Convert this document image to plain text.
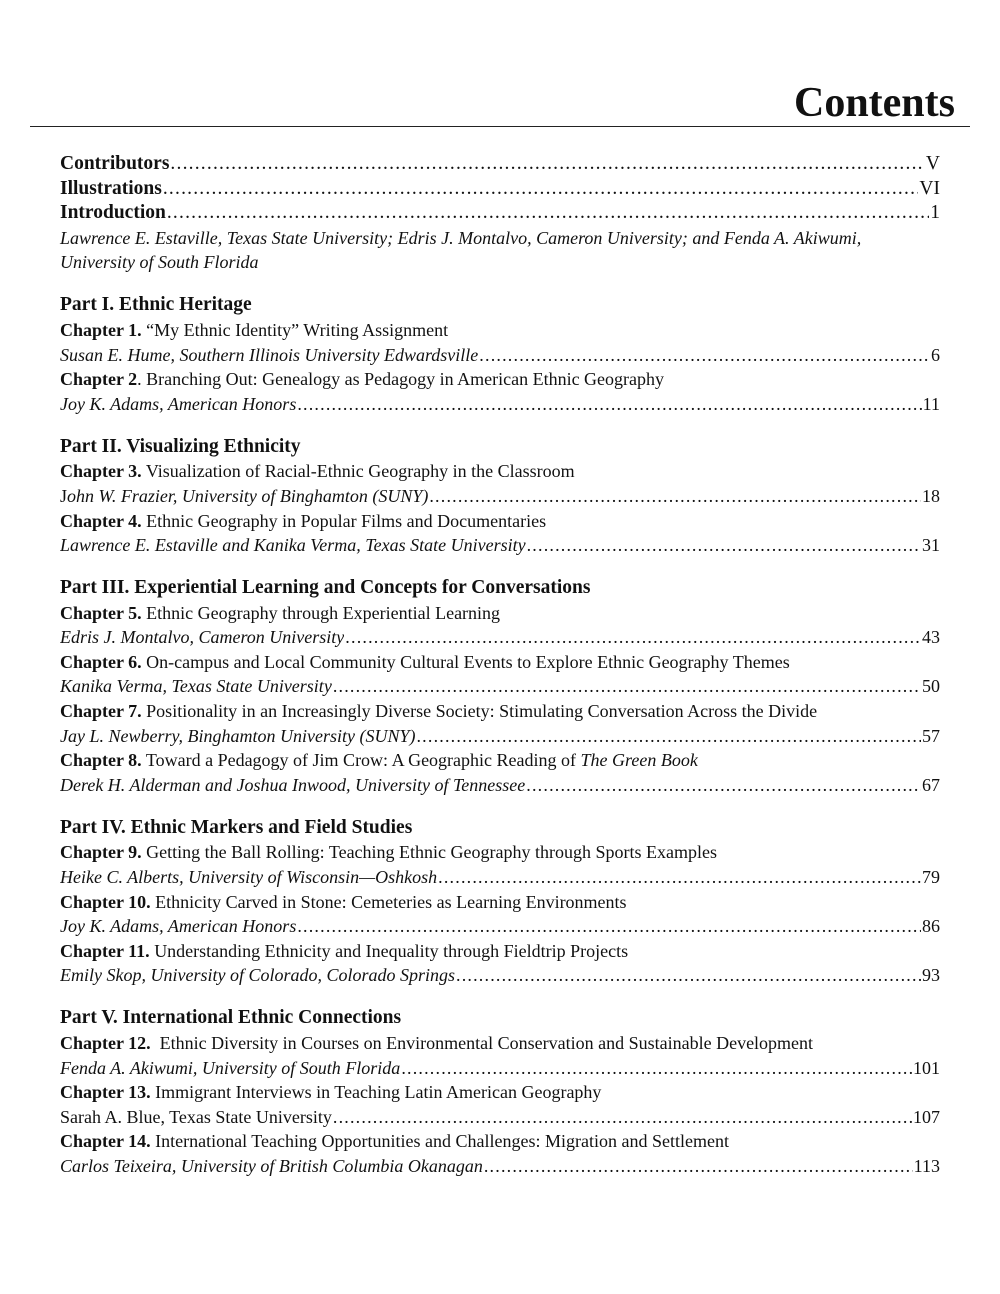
Contents
Contributors .....	V
Illustrations .....	VI
Introduction .....	1
Lawrence E. Estaville, Texas State University; Edris J. Montalvo, Cameron University; and Fenda A. Akiwumi, University of South Florida
Part I. Ethnic Heritage
Chapter 1. “My Ethnic Identity” Writing Assignment
Susan E. Hume, Southern Illinois University Edwardsville .....	6
Chapter 2. Branching Out: Genealogy as Pedagogy in American Ethnic Geography
Joy K. Adams, American Honors .....	11
Part II. Visualizing Ethnicity
Chapter 3. Visualization of Racial-Ethnic Geography in the Classroom
John W. Frazier, University of Binghamton (SUNY) .....	18
Chapter 4. Ethnic Geography in Popular Films and Documentaries
Lawrence E. Estaville and Kanika Verma, Texas State University .....	31
Part III. Experiential Learning and Concepts for Conversations
Chapter 5. Ethnic Geography through Experiential Learning
Edris J. Montalvo, Cameron University .....	43
Chapter 6. On-campus and Local Community Cultural Events to Explore Ethnic Geography Themes
Kanika Verma, Texas State University .....	50
Chapter 7. Positionality in an Increasingly Diverse Society: Stimulating Conversation Across the Divide
Jay L. Newberry, Binghamton University (SUNY) .....	57
Chapter 8. Toward a Pedagogy of Jim Crow: A Geographic Reading of The Green Book
Derek H. Alderman and Joshua Inwood, University of Tennessee .....	67
Part IV. Ethnic Markers and Field Studies
Chapter 9. Getting the Ball Rolling: Teaching Ethnic Geography through Sports Examples
Heike C. Alberts, University of Wisconsin—Oshkosh .....	79
Chapter 10. Ethnicity Carved in Stone: Cemeteries as Learning Environments
Joy K. Adams, American Honors .....	86
Chapter 11. Understanding Ethnicity and Inequality through Fieldtrip Projects
Emily Skop, University of Colorado, Colorado Springs .....	93
Part V. International Ethnic Connections
Chapter 12. Ethnic Diversity in Courses on Environmental Conservation and Sustainable Development
Fenda A. Akiwumi, University of South Florida .....	101
Chapter 13. Immigrant Interviews in Teaching Latin American Geography
Sarah A. Blue, Texas State University .....	107
Chapter 14. International Teaching Opportunities and Challenges: Migration and Settlement
Carlos Teixeira, University of British Columbia Okanagan .....	113
